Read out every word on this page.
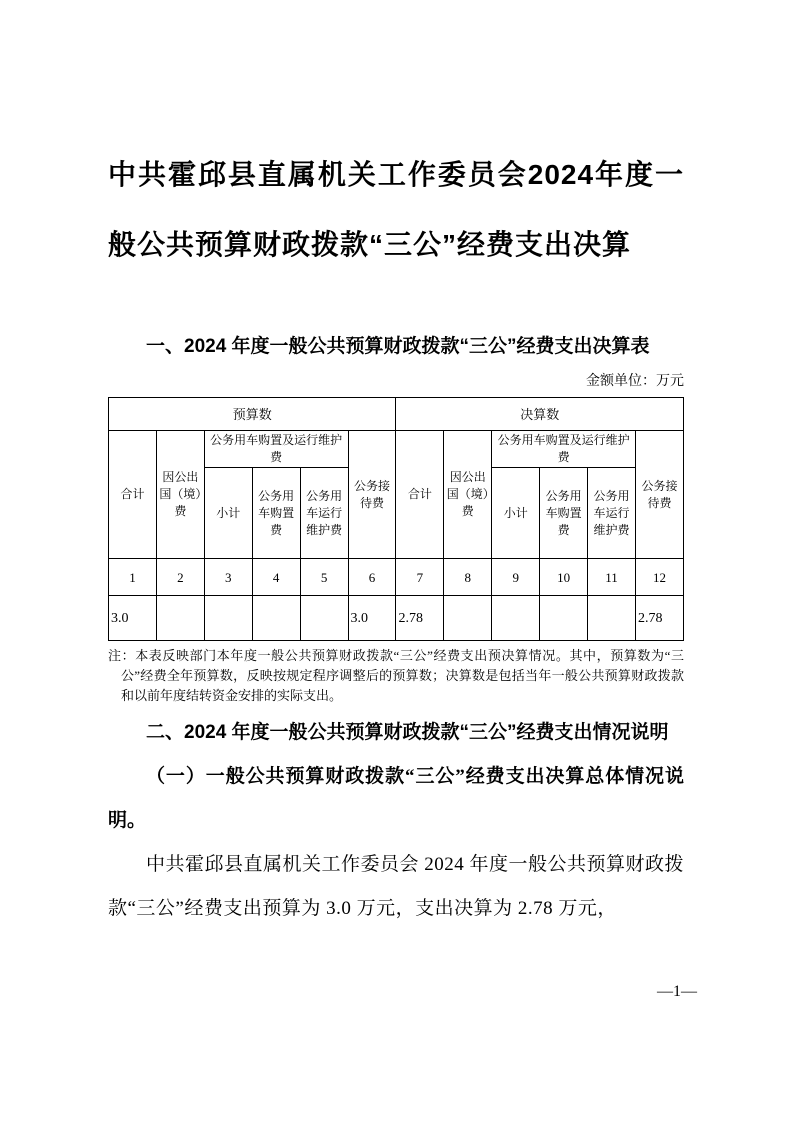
中共霍邱县直属机关工作委员会2024年度一般公共预算财政拨款“三公”经费支出决算

一、2024 年度一般公共预算财政拨款“三公”经费支出决算表

金额单位：万元
预算数						决算数					
合计	因公出国（境）费	公务用车购置及运行维护费			公务接待费	合计	因公出国（境）费	公务用车购置及运行维护费			公务接待费
		小计	公务用车购置费	公务用车运行维护费				小计	公务用车购置费	公务用车运行维护费	
1	2	3	4	5	6	7	8	9	10	11	12
3.0					3.0	2.78					2.78

注：本表反映部门本年度一般公共预算财政拨款“三公”经费支出预决算情况。其中，预算数为“三公”经费全年预算数，反映按规定程序调整后的预算数；决算数是包括当年一般公共预算财政拨款和以前年度结转资金安排的实际支出。

二、2024 年度一般公共预算财政拨款“三公”经费支出情况说明

（一）一般公共预算财政拨款“三公”经费支出决算总体情况说明。

中共霍邱县直属机关工作委员会 2024 年度一般公共预算财政拨款“三公”经费支出预算为 3.0 万元，支出决算为 2.78 万元，

—1—
